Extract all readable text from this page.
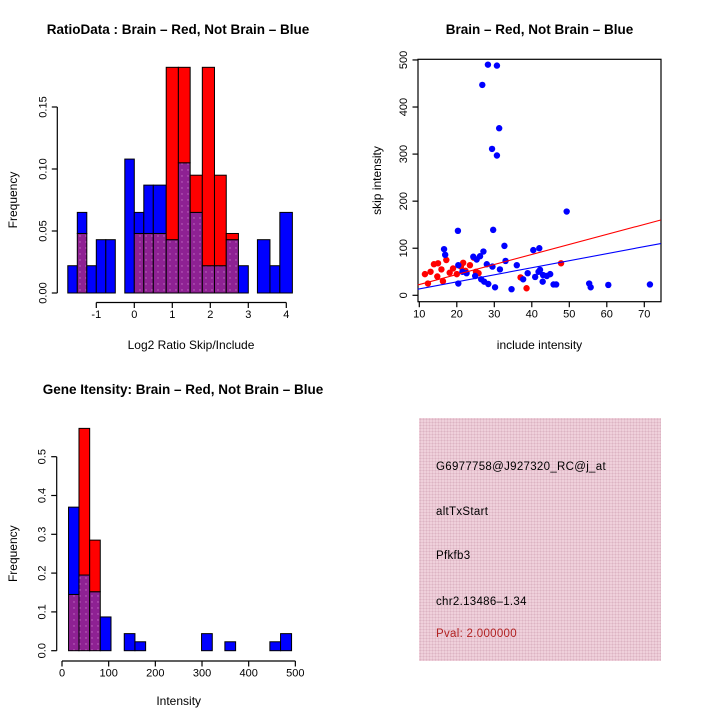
RatioData : Brain – Red, Not Brain – Blue
-1	0	1	2	3	4
Log2 Ratio Skip/Include
0.00
0.05
0.10
0.15
Frequency
Brain – Red, Not Brain – Blue
10 20 30 40 50 60 70
0
100
200
300
400
500
include intensity
skip intensity
Gene Itensity: Brain – Red, Not Brain – Blue
0	100	200	300	400	500
Intensity
0.0
0.1
0.2
0.3
0.4
0.5
Frequency
G6977758@J927320_RC@j_at
altTxStart
Pfkfb3
chr2.13486–1.34
Pval: 2.000000
